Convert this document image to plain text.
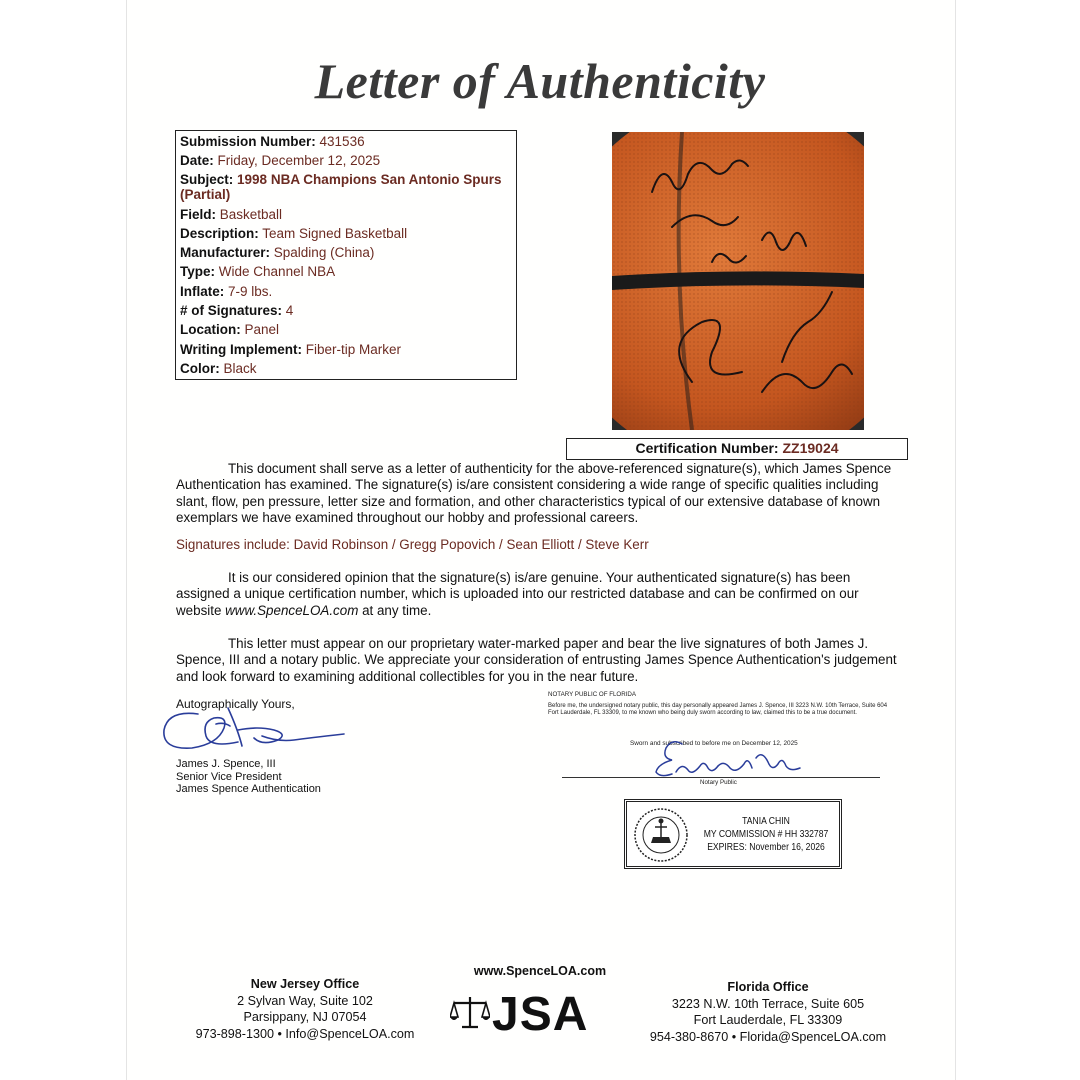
Letter of Authenticity
Submission Number: 431536
Date: Friday, December 12, 2025
Subject: 1998 NBA Champions San Antonio Spurs (Partial)
Field: Basketball
Description: Team Signed Basketball
Manufacturer: Spalding (China)
Type: Wide Channel NBA
Inflate: 7-9 lbs.
# of Signatures: 4
Location: Panel
Writing Implement: Fiber-tip Marker
Color: Black
Certification Number: ZZ19024
This document shall serve as a letter of authenticity for the above-referenced signature(s), which James Spence Authentication has examined. The signature(s) is/are consistent considering a wide range of specific qualities including slant, flow, pen pressure, letter size and formation, and other characteristics typical of our extensive database of known exemplars we have examined throughout our hobby and professional careers.
Signatures include: David Robinson / Gregg Popovich / Sean Elliott / Steve Kerr
It is our considered opinion that the signature(s) is/are genuine. Your authenticated signature(s) has been assigned a unique certification number, which is uploaded into our restricted database and can be confirmed on our website www.SpenceLOA.com at any time.
This letter must appear on our proprietary water-marked paper and bear the live signatures of both James J. Spence, III and a notary public. We appreciate your consideration of entrusting James Spence Authentication's judgement and look forward to examining additional collectibles for you in the near future.
Autographically Yours,
James J. Spence, III
Senior Vice President
James Spence Authentication
NOTARY PUBLIC OF FLORIDA
Before me, the undersigned notary public, this day personally appeared James J. Spence, III 3223 N.W. 10th Terrace, Suite 604 Fort Lauderdale, FL 33309, to me known who being duly sworn according to law, claimed this to be a true document.
Sworn and subscribed to before me on December 12, 2025
Notary Public
TANIA CHIN
MY COMMISSION # HH 332787
EXPIRES: November 16, 2026
New Jersey Office
2 Sylvan Way, Suite 102
Parsippany, NJ 07054
973-898-1300 • Info@SpenceLOA.com
www.SpenceLOA.com
JSA
Florida Office
3223 N.W. 10th Terrace, Suite 605
Fort Lauderdale, FL 33309
954-380-8670 • Florida@SpenceLOA.com
